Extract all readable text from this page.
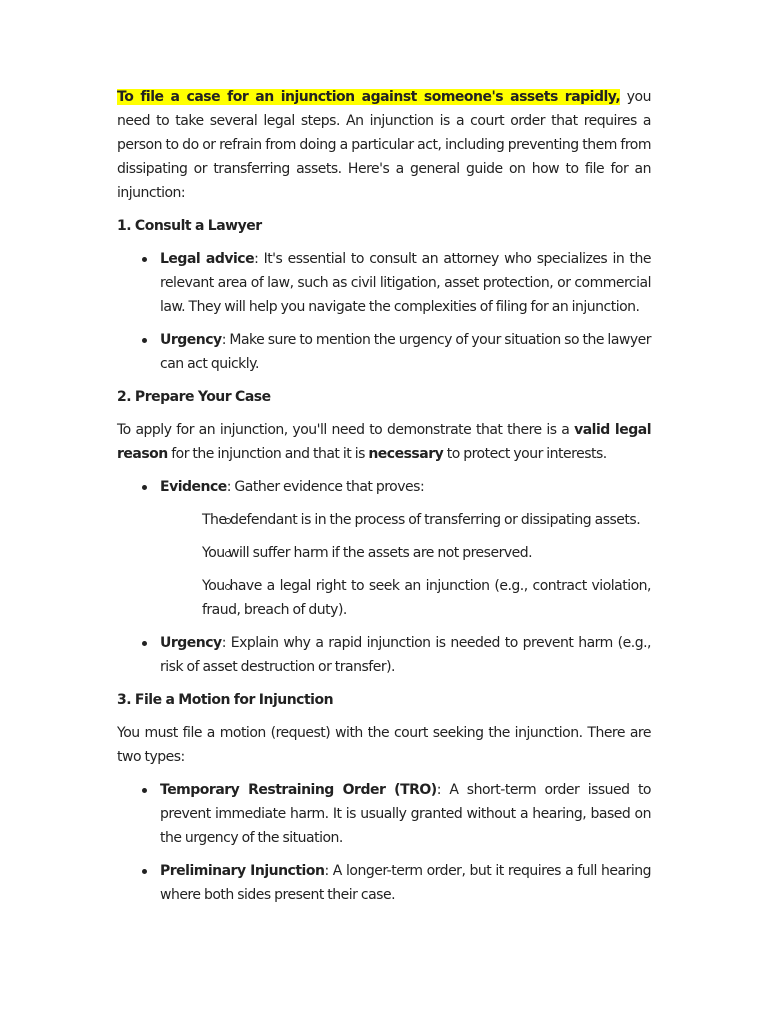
To file a case for an injunction against someone's assets rapidly, you need to take several legal steps. An injunction is a court order that requires a person to do or refrain from doing a particular act, including preventing them from dissipating or transferring assets. Here's a general guide on how to file for an injunction:

1. Consult a Lawyer

Legal advice: It's essential to consult an attorney who specializes in the relevant area of law, such as civil litigation, asset protection, or commercial law. They will help you navigate the complexities of filing for an injunction.
Urgency: Make sure to mention the urgency of your situation so the lawyer can act quickly.

2. Prepare Your Case

To apply for an injunction, you'll need to demonstrate that there is a valid legal reason for the injunction and that it is necessary to protect your interests.

Evidence: Gather evidence that proves:
The defendant is in the process of transferring or dissipating assets.
You will suffer harm if the assets are not preserved.
You have a legal right to seek an injunction (e.g., contract violation, fraud, breach of duty).
Urgency: Explain why a rapid injunction is needed to prevent harm (e.g., risk of asset destruction or transfer).

3. File a Motion for Injunction

You must file a motion (request) with the court seeking the injunction. There are two types:

Temporary Restraining Order (TRO): A short-term order issued to prevent immediate harm. It is usually granted without a hearing, based on the urgency of the situation.
Preliminary Injunction: A longer-term order, but it requires a full hearing where both sides present their case.
